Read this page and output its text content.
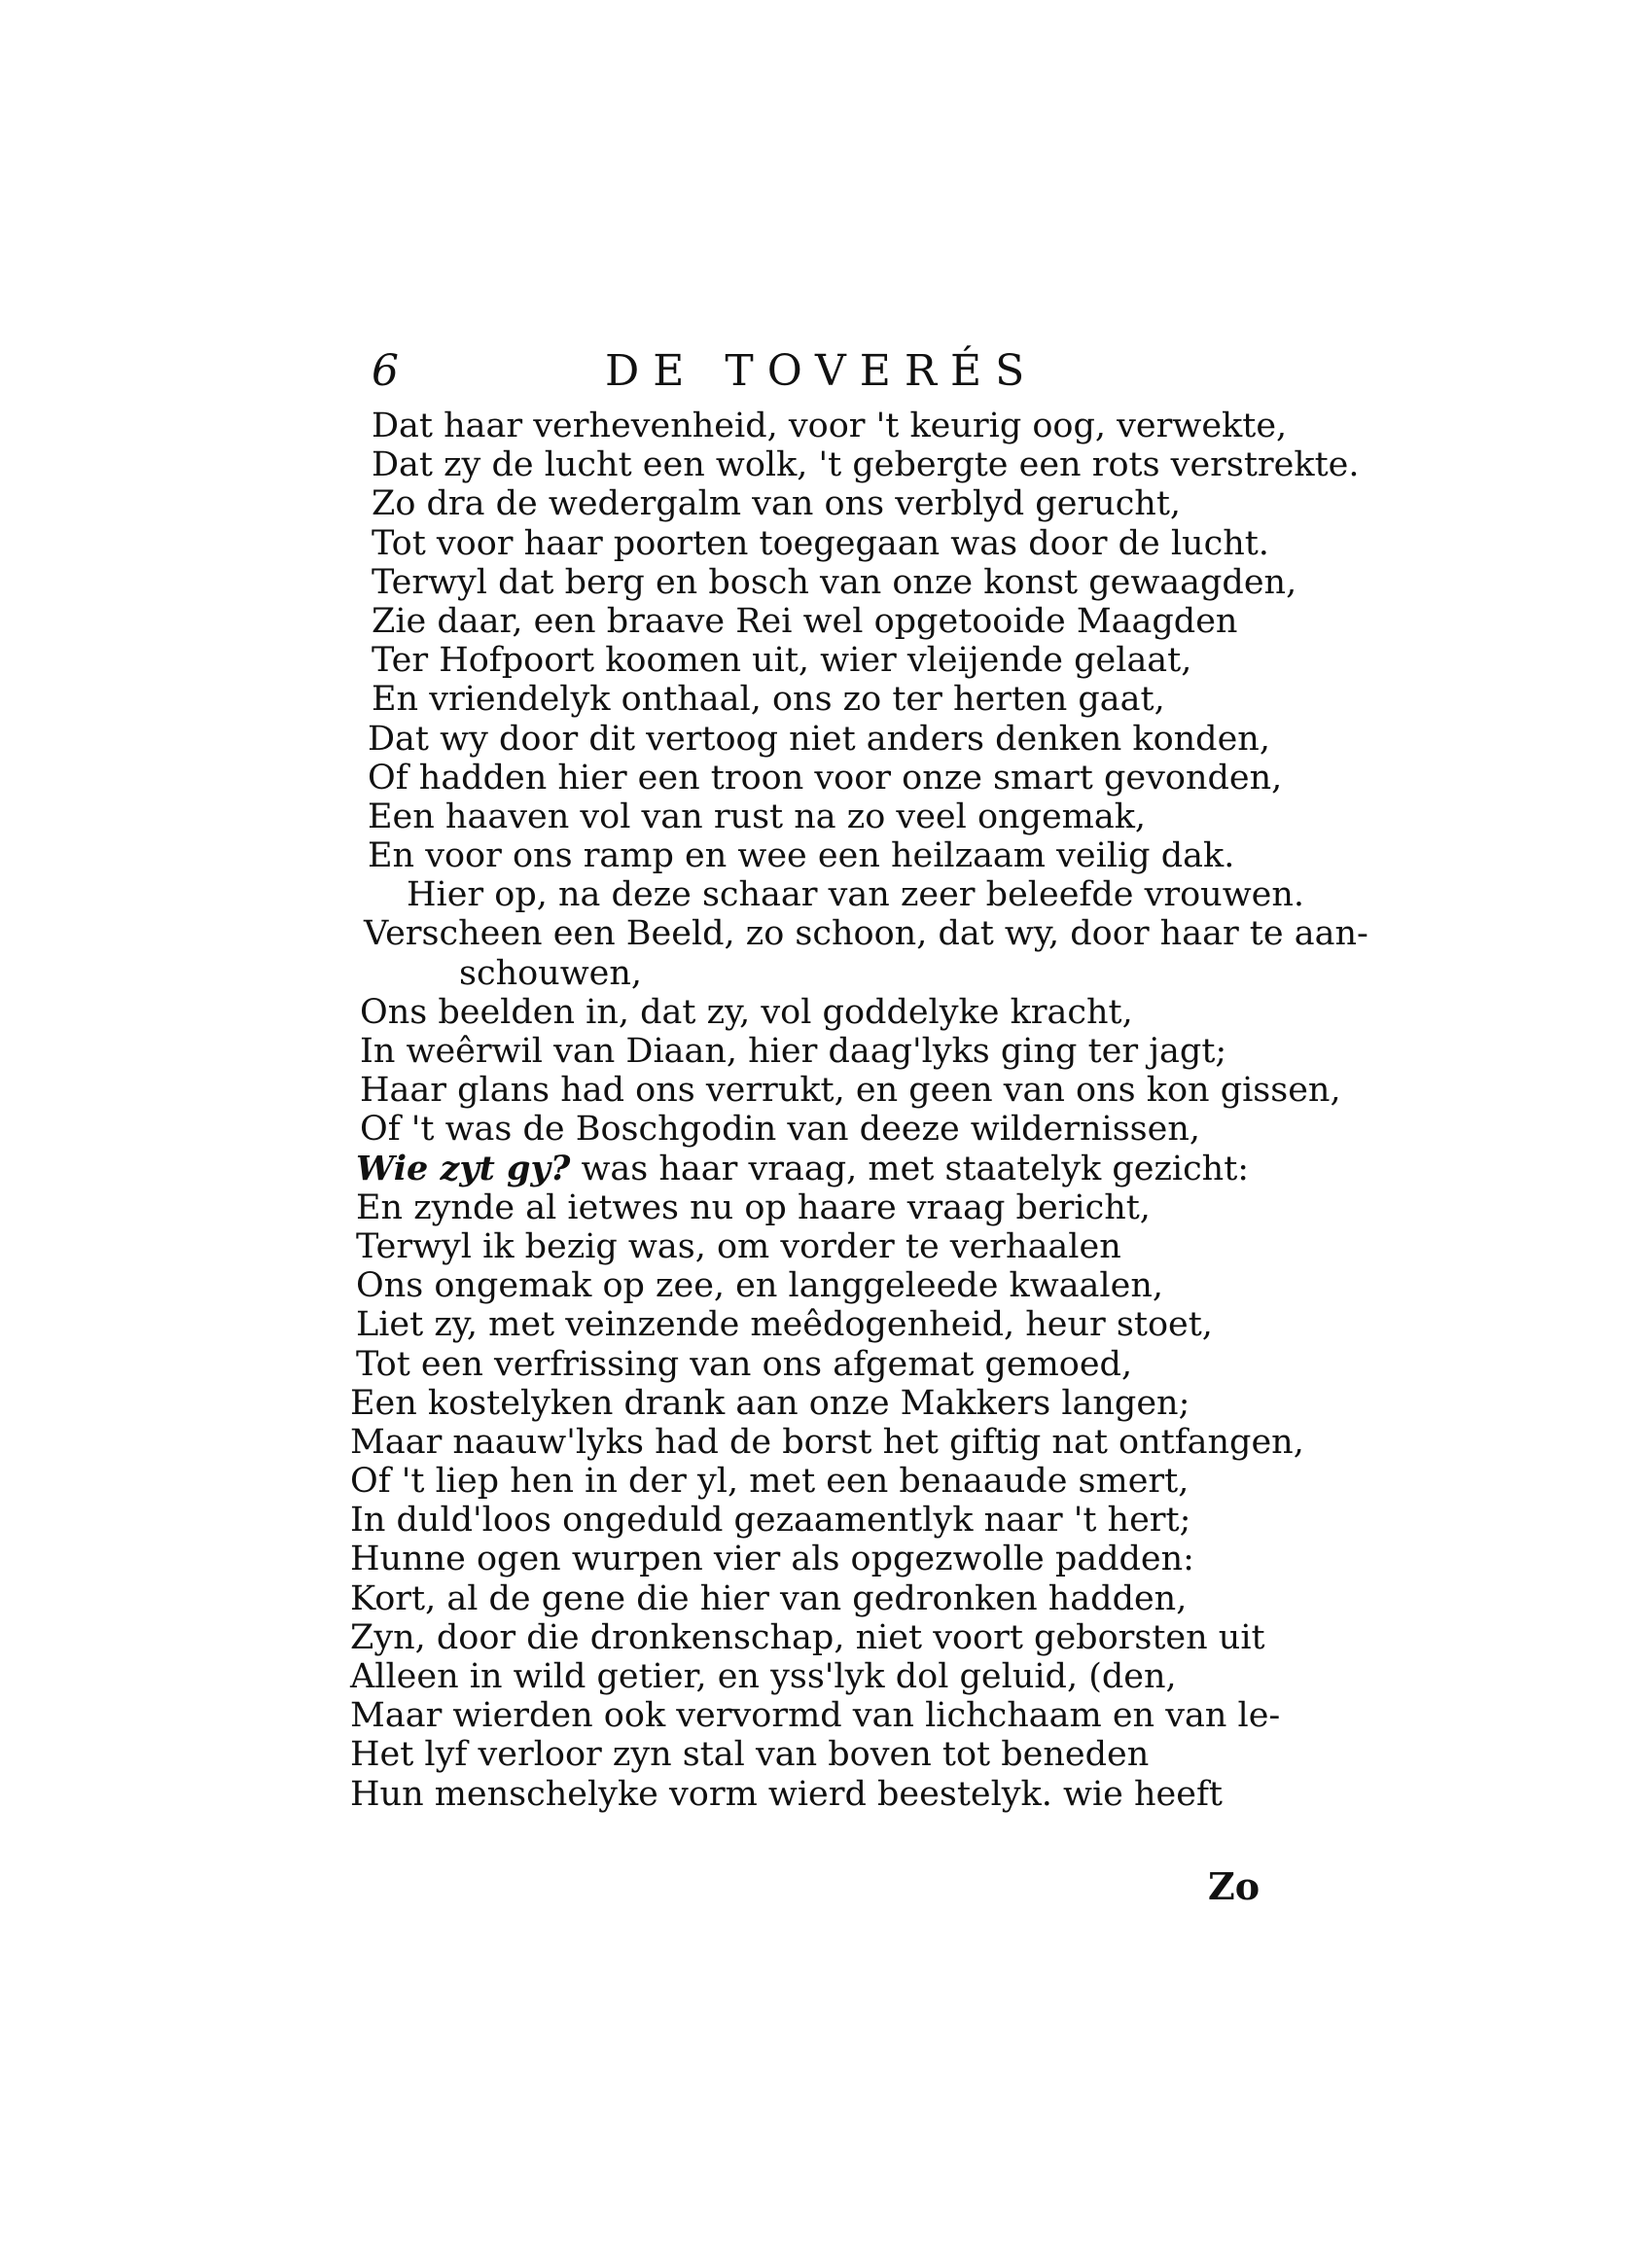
6	DE TOVERÉS
Dat haar verhevenheid, voor 't keurig oog, verwekte,
Dat zy de lucht een wolk, 't gebergte een rots verstrekte.
Zo dra de wedergalm van ons verblyd gerucht,
Tot voor haar poorten toegegaan was door de lucht.
Terwyl dat berg en bosch van onze konst gewaagden,
Zie daar, een braave Rei wel opgetooide Maagden
Ter Hofpoort koomen uit, wier vleijende gelaat,
En vriendelyk onthaal, ons zo ter herten gaat,
Dat wy door dit vertoog niet anders denken konden,
Of hadden hier een troon voor onze smart gevonden,
Een haaven vol van rust na zo veel ongemak,
En voor ons ramp en wee een heilzaam veilig dak.
Hier op, na deze schaar van zeer beleefde vrouwen.
Verscheen een Beeld, zo schoon, dat wy, door haar te aan-
schouwen,
Ons beelden in, dat zy, vol goddelyke kracht,
In weêrwil van Diaan, hier daag'lyks ging ter jagt;
Haar glans had ons verrukt, en geen van ons kon gissen,
Of 't was de Boschgodin van deeze wildernissen,
Wie zyt gy? was haar vraag, met staatelyk gezicht:
En zynde al ietwes nu op haare vraag bericht,
Terwyl ik bezig was, om vorder te verhaalen
Ons ongemak op zee, en langgeleede kwaalen,
Liet zy, met veinzende meêdogenheid, heur stoet,
Tot een verfrissing van ons afgemat gemoed,
Een kostelyken drank aan onze Makkers langen;
Maar naauw'lyks had de borst het giftig nat ontfangen,
Of 't liep hen in der yl, met een benaaude smert,
In duld'loos ongeduld gezaamentlyk naar 't hert;
Hunne ogen wurpen vier als opgezwolle padden:
Kort, al de gene die hier van gedronken hadden,
Zyn, door die dronkenschap, niet voort geborsten uit
Alleen in wild getier, en yss'lyk dol geluid, (den,
Maar wierden ook vervormd van lichchaam en van le-
Het lyf verloor zyn stal van boven tot beneden
Hun menschelyke vorm wierd beestelyk. wie heeft
Zo
